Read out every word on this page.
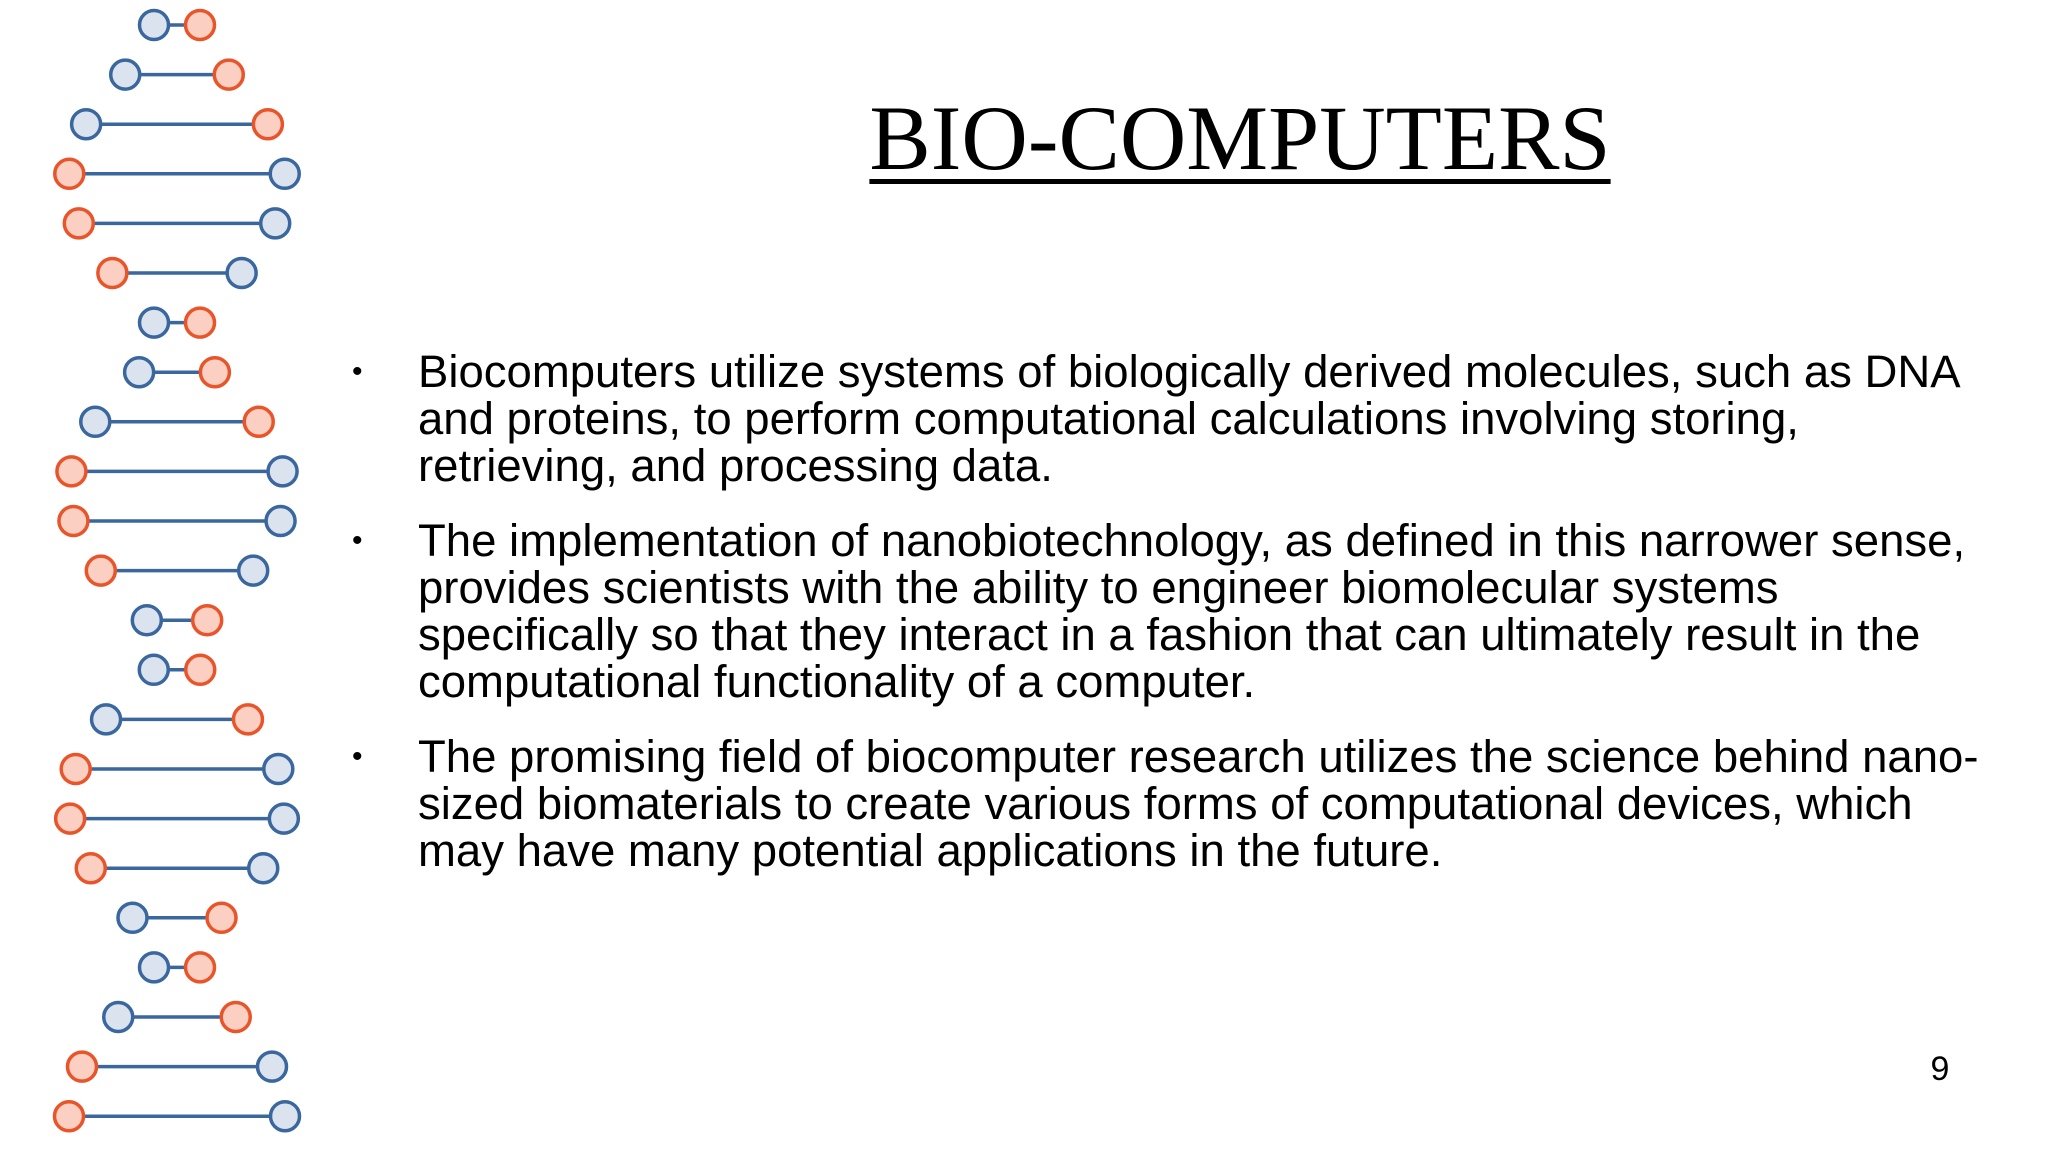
BIO-COMPUTERS
• Biocomputers utilize systems of biologically derived molecules, such as DNA and proteins, to perform computational calculations involving storing, retrieving, and processing data.
• The implementation of nanobiotechnology, as defined in this narrower sense, provides scientists with the ability to engineer biomolecular systems specifically so that they interact in a fashion that can ultimately result in the computational functionality of a computer.
• The promising field of biocomputer research utilizes the science behind nano-sized biomaterials to create various forms of computational devices, which may have many potential applications in the future.
9
